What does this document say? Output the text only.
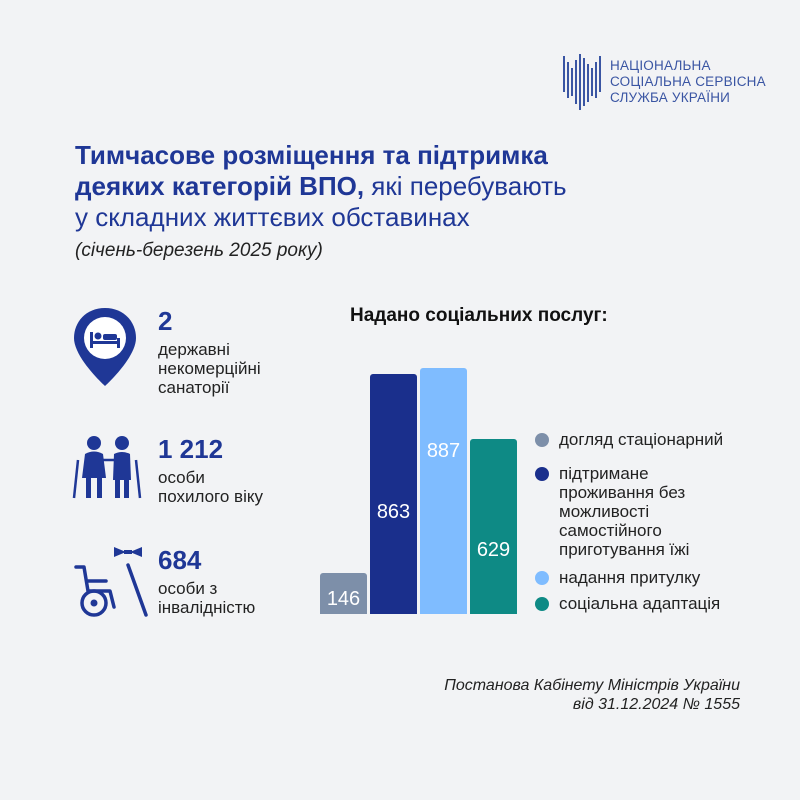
НАЦІОНАЛЬНА
СОЦІАЛЬНА СЕРВІСНА
СЛУЖБА УКРАЇНИ
Тимчасове розміщення та підтримка
деяких категорій ВПО, які перебувають
у складних життєвих обставинах
(січень-березень 2025 року)
2
державні
некомерційні
санаторії
1 212
особи
похилого віку
684
особи з
інвалідністю
Надано соціальних послуг:
146
863
887
629
догляд стаціонарний
підтримане
проживання без
можливості
самостійного
приготування їжі
надання притулку
соціальна адаптація
Постанова Кабінету Міністрів України
від 31.12.2024 № 1555
